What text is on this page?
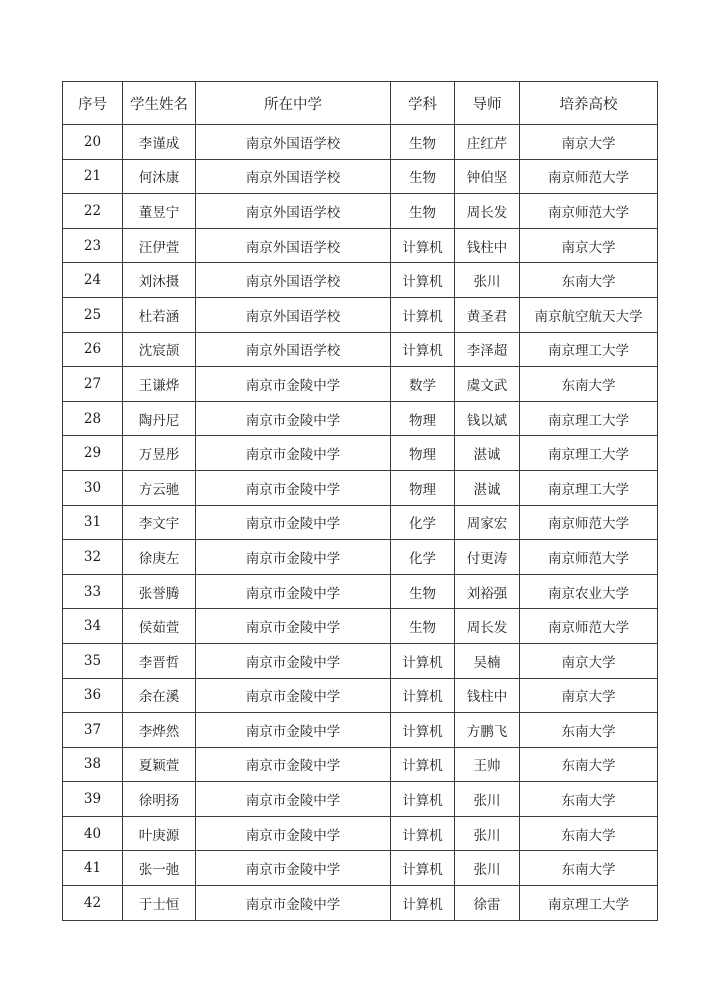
序号	学生姓名	所在中学	学科	导师	培养高校
20	李谨成	南京外国语学校	生物	庄红芹	南京大学
21	何沐康	南京外国语学校	生物	钟伯坚	南京师范大学
22	董昱宁	南京外国语学校	生物	周长发	南京师范大学
23	汪伊萱	南京外国语学校	计算机	钱柱中	南京大学
24	刘沐摄	南京外国语学校	计算机	张川	东南大学
25	杜若涵	南京外国语学校	计算机	黄圣君	南京航空航天大学
26	沈宸颉	南京外国语学校	计算机	李泽超	南京理工大学
27	王谦烨	南京市金陵中学	数学	虞文武	东南大学
28	陶丹尼	南京市金陵中学	物理	钱以斌	南京理工大学
29	万昱彤	南京市金陵中学	物理	湛诚	南京理工大学
30	方云驰	南京市金陵中学	物理	湛诚	南京理工大学
31	李文宇	南京市金陵中学	化学	周家宏	南京师范大学
32	徐庚左	南京市金陵中学	化学	付更涛	南京师范大学
33	张誉腾	南京市金陵中学	生物	刘裕强	南京农业大学
34	侯茹萱	南京市金陵中学	生物	周长发	南京师范大学
35	李晋哲	南京市金陵中学	计算机	吴楠	南京大学
36	余在溪	南京市金陵中学	计算机	钱柱中	南京大学
37	李烨然	南京市金陵中学	计算机	方鹏飞	东南大学
38	夏颖萱	南京市金陵中学	计算机	王帅	东南大学
39	徐明扬	南京市金陵中学	计算机	张川	东南大学
40	叶庚源	南京市金陵中学	计算机	张川	东南大学
41	张一弛	南京市金陵中学	计算机	张川	东南大学
42	于士恒	南京市金陵中学	计算机	徐雷	南京理工大学
